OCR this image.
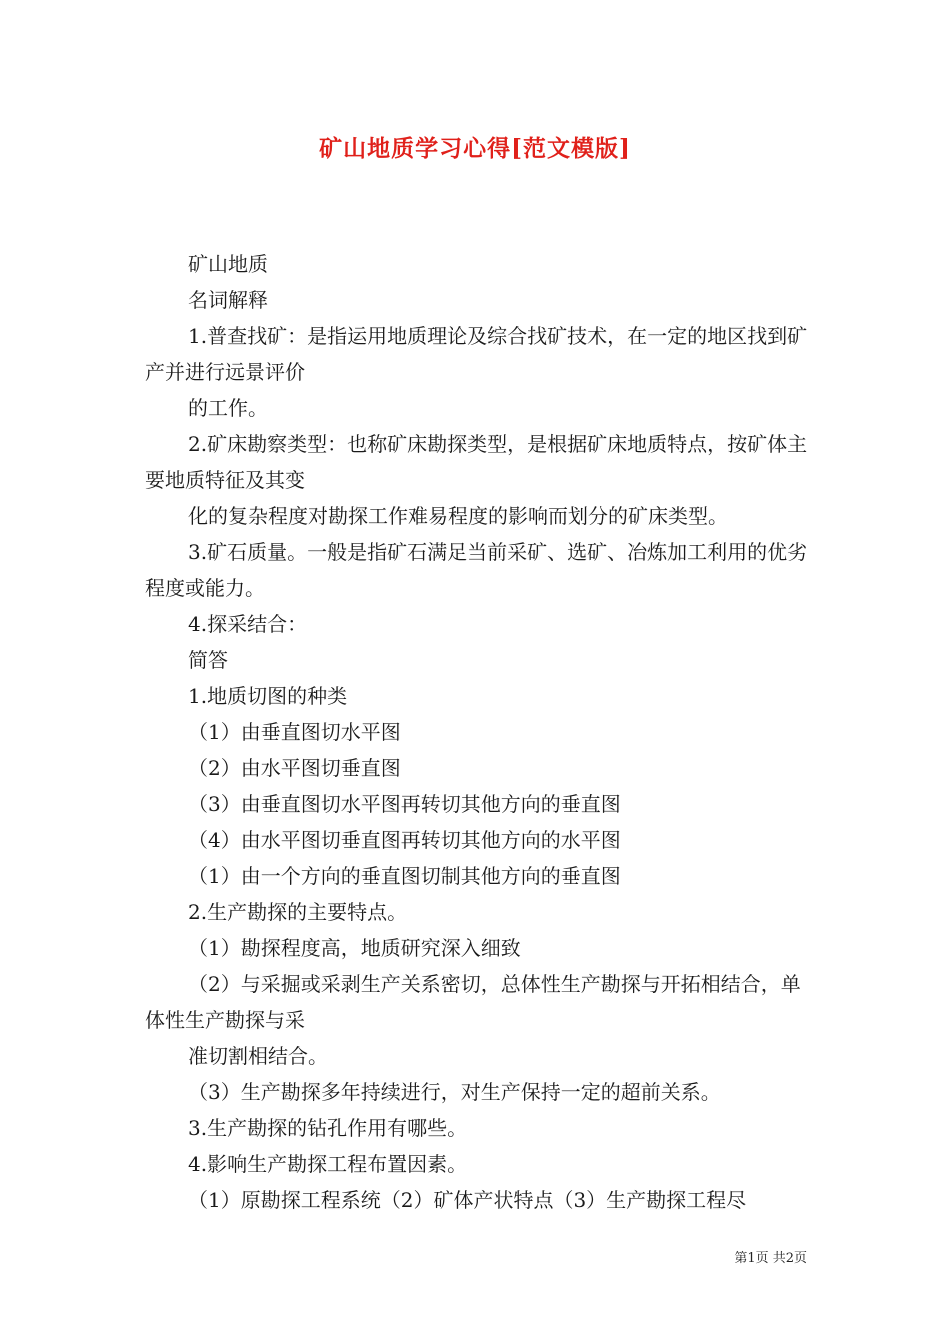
矿山地质学习心得[范文模版]

矿山地质

名词解释

1.普查找矿：是指运用地质理论及综合找矿技术，在一定的地区找到矿产并进行远景评价

的工作。

2.矿床勘察类型：也称矿床勘探类型，是根据矿床地质特点，按矿体主要地质特征及其变

化的复杂程度对勘探工作难易程度的影响而划分的矿床类型。

3.矿石质量。一般是指矿石满足当前采矿、选矿、冶炼加工利用的优劣程度或能力。

4.探采结合：

简答

1.地质切图的种类

（1）由垂直图切水平图

（2）由水平图切垂直图

（3）由垂直图切水平图再转切其他方向的垂直图

（4）由水平图切垂直图再转切其他方向的水平图

（1）由一个方向的垂直图切制其他方向的垂直图

2.生产勘探的主要特点。

（1）勘探程度高，地质研究深入细致

（2）与采掘或采剥生产关系密切，总体性生产勘探与开拓相结合，单体性生产勘探与采

准切割相结合。

（3）生产勘探多年持续进行，对生产保持一定的超前关系。

3.生产勘探的钻孔作用有哪些。

4.影响生产勘探工程布置因素。

（1）原勘探工程系统（2）矿体产状特点（3）生产勘探工程尽

第1页 共2页
